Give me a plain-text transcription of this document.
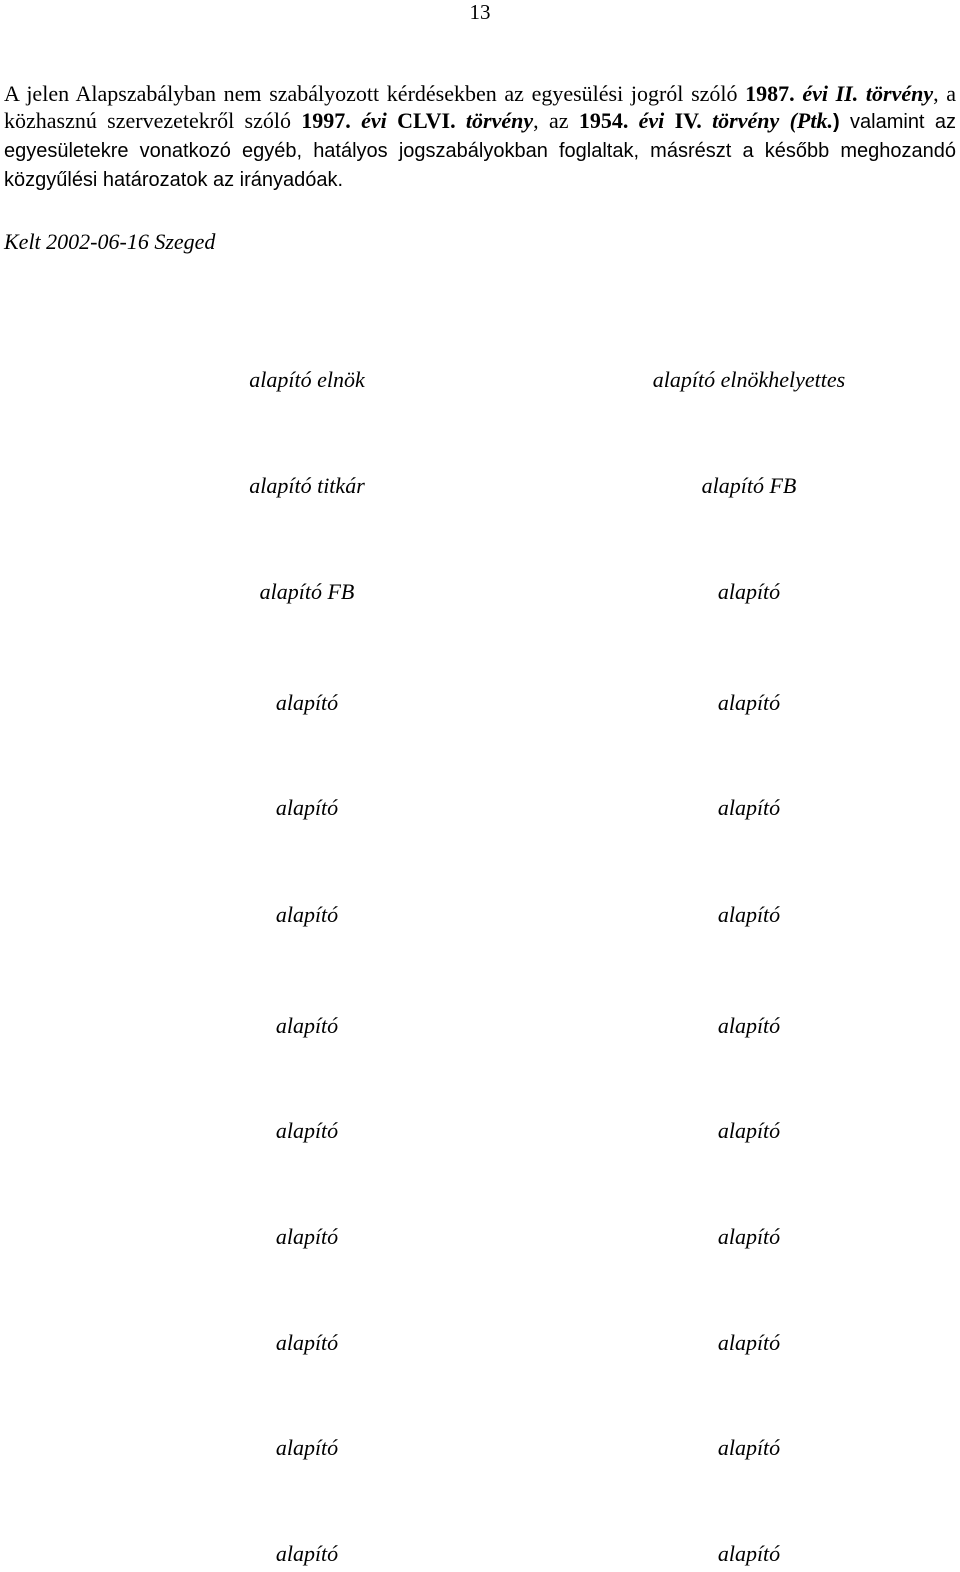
13

A jelen Alapszabályban nem szabályozott kérdésekben az egyesülési jogról szóló 1987. évi II. törvény, a közhasznú szervezetekről szóló 1997. évi CLVI. törvény, az 1954. évi IV. törvény (Ptk.) valamint az egyesületekre vonatkozó egyéb, hatályos jogszabályokban foglaltak, másrészt a később meghozandó közgyűlési határozatok az irányadóak.

Kelt 2002-06-16 Szeged

alapító elnök	alapító elnökhelyettes
alapító titkár	alapító FB
alapító FB	alapító
alapító	alapító
alapító	alapító
alapító	alapító
alapító	alapító
alapító	alapító
alapító	alapító
alapító	alapító
alapító	alapító
alapító	alapító
